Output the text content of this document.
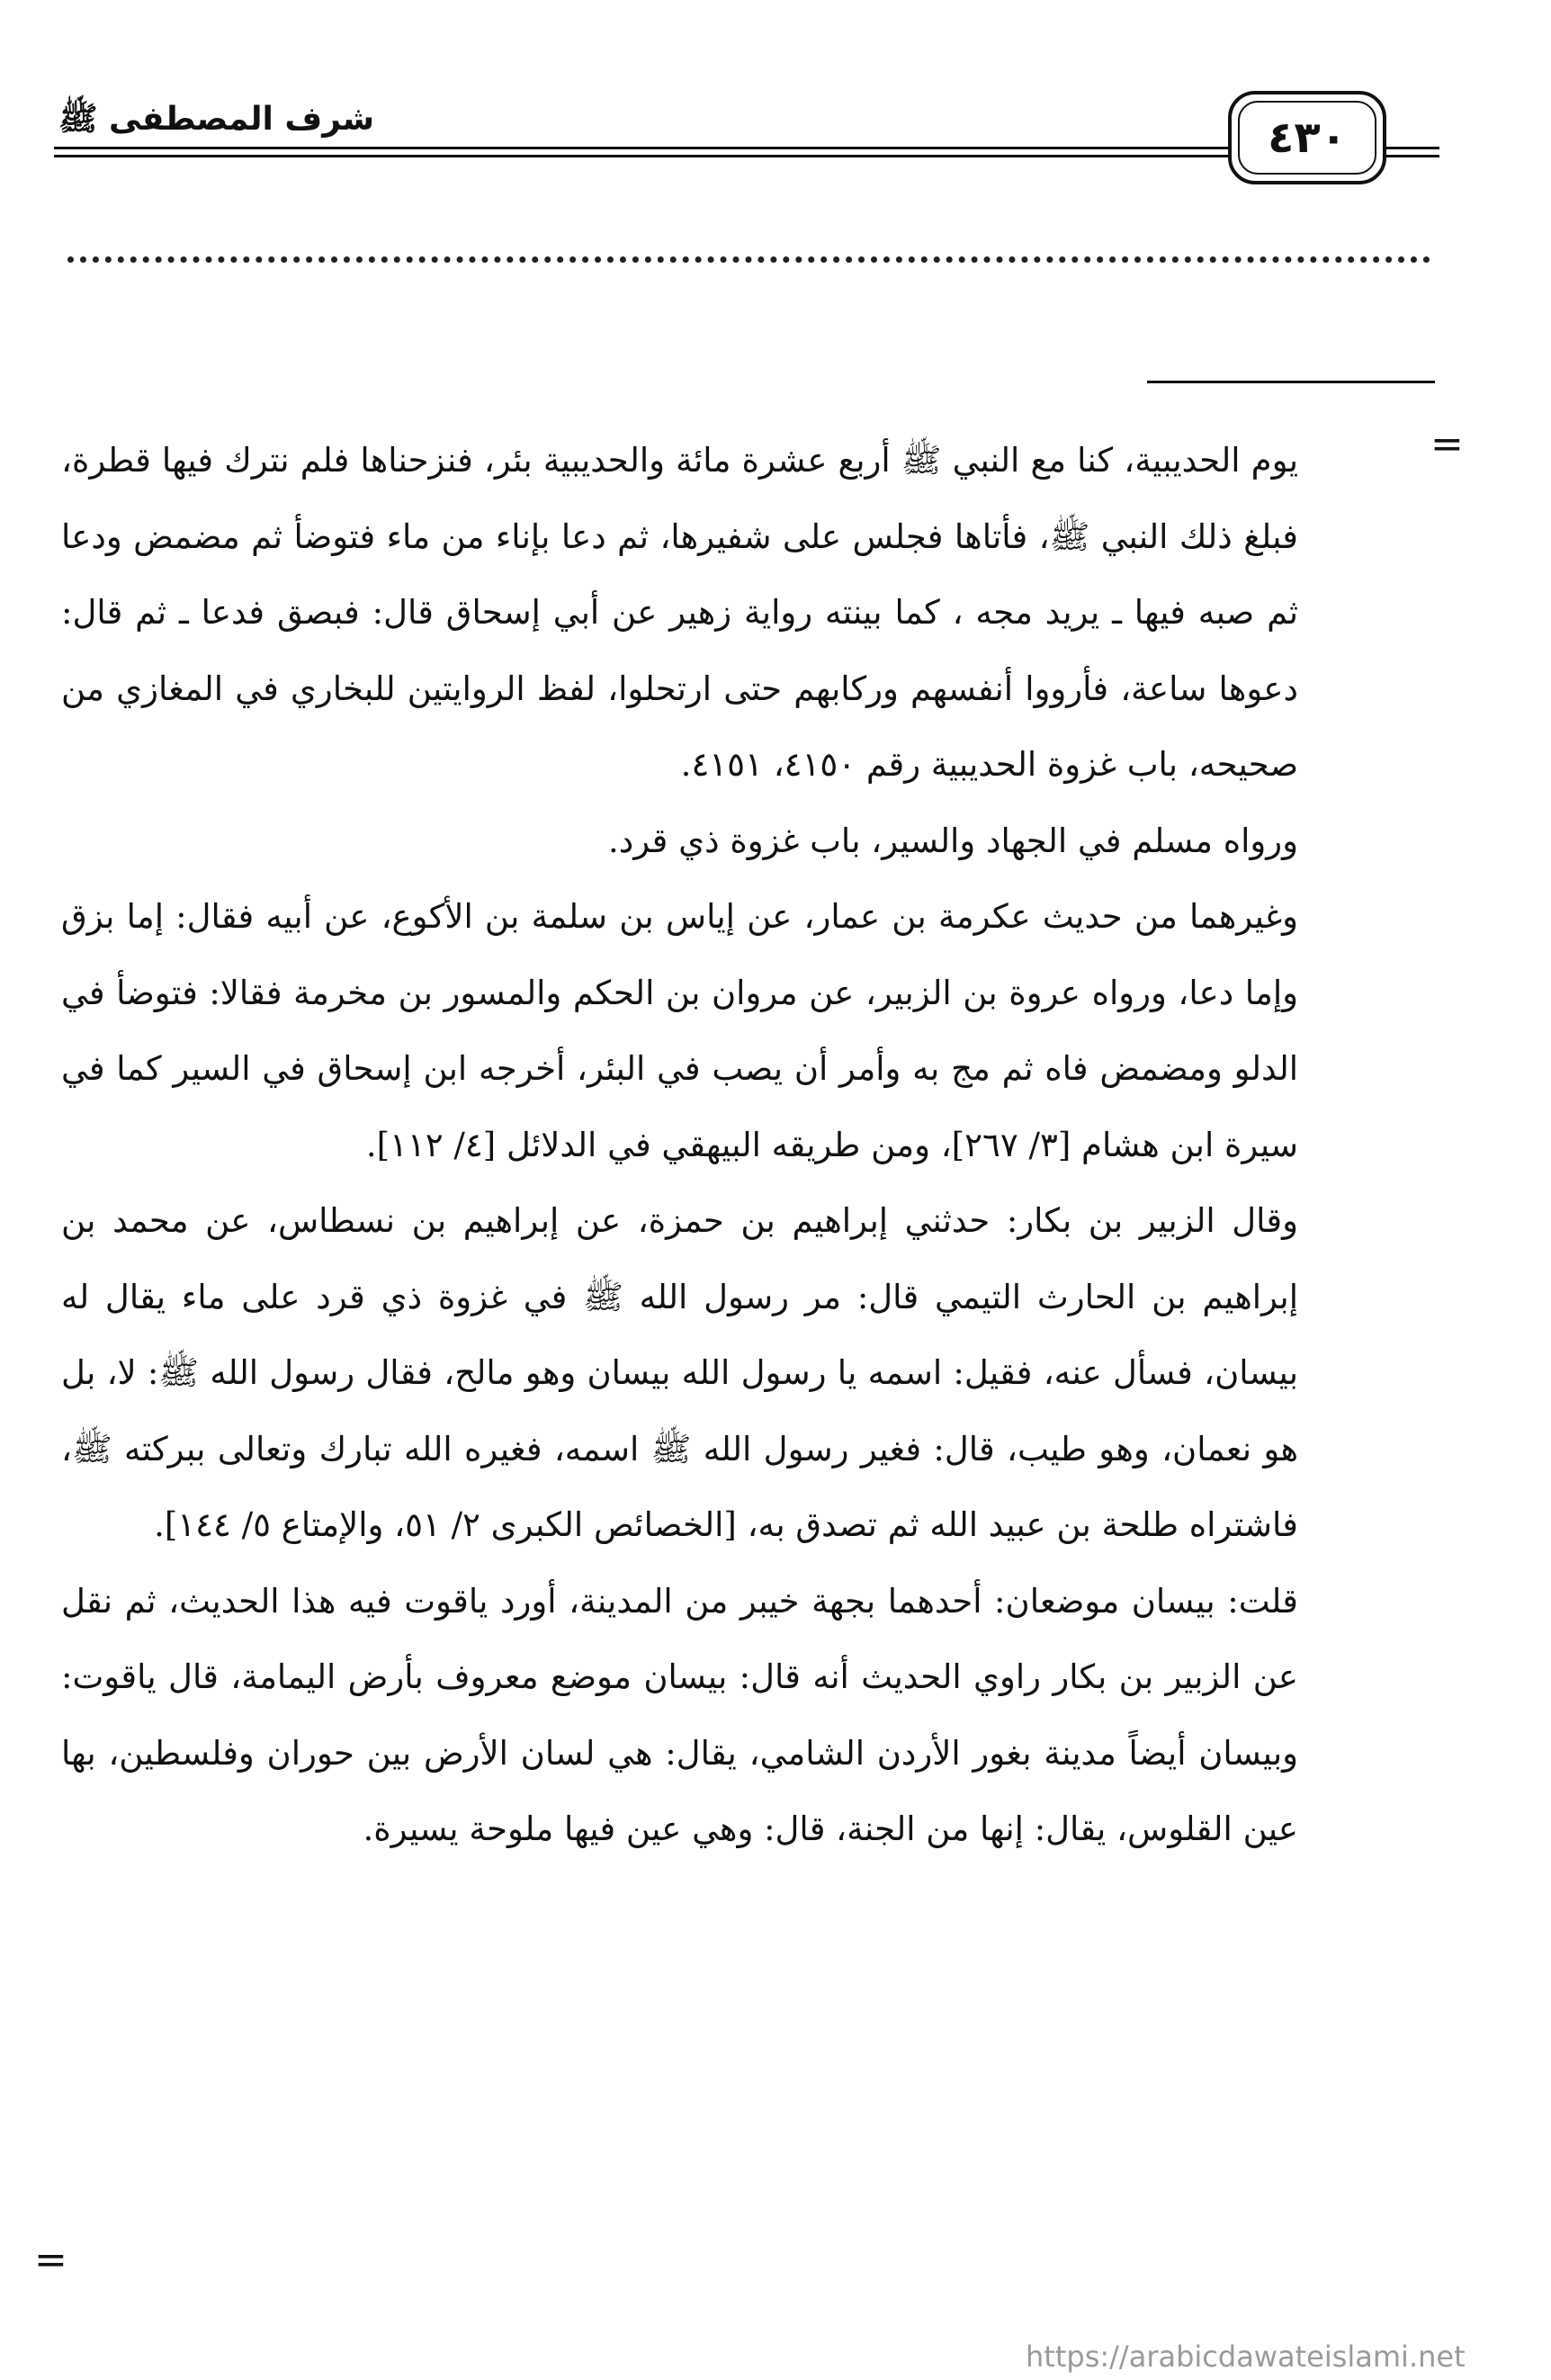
شرف المصطفى ﷺ	٤٣٠
=

يوم الحديبية، كنا مع النبي ﷺ أربع عشرة مائة والحديبية بئر، فنزحناها فلم نترك فيها قطرة، فبلغ ذلك النبي ﷺ، فأتاها فجلس على شفيرها، ثم دعا بإناء من ماء فتوضأ ثم مضمض ودعا ثم صبه فيها ـ يريد مجه ، كما بينته رواية زهير عن أبي إسحاق قال: فبصق فدعا ـ ثم قال: دعوها ساعة، فأرووا أنفسهم وركابهم حتى ارتحلوا، لفظ الروايتين للبخاري في المغازي من صحيحه، باب غزوة الحديبية رقم ٤١٥٠، ٤١٥١.

ورواه مسلم في الجهاد والسير، باب غزوة ذي قرد.

وغيرهما من حديث عكرمة بن عمار، عن إياس بن سلمة بن الأكوع، عن أبيه فقال: إما بزق وإما دعا، ورواه عروة بن الزبير، عن مروان بن الحكم والمسور بن مخرمة فقالا: فتوضأ في الدلو ومضمض فاه ثم مج به وأمر أن يصب في البئر، أخرجه ابن إسحاق في السير كما في سيرة ابن هشام [٣/ ٢٦٧]، ومن طريقه البيهقي في الدلائل [٤/ ١١٢].

وقال الزبير بن بكار: حدثني إبراهيم بن حمزة، عن إبراهيم بن نسطاس، عن محمد بن إبراهيم بن الحارث التيمي قال: مر رسول الله ﷺ في غزوة ذي قرد على ماء يقال له بيسان، فسأل عنه، فقيل: اسمه يا رسول الله بيسان وهو مالح، فقال رسول الله ﷺ: لا، بل هو نعمان، وهو طيب، قال: فغير رسول الله ﷺ اسمه، فغيره الله تبارك وتعالى ببركته ﷺ، فاشتراه طلحة بن عبيد الله ثم تصدق به، [الخصائص الكبرى ٢/ ٥١، والإمتاع ٥/ ١٤٤].

قلت: بيسان موضعان: أحدهما بجهة خيبر من المدينة، أورد ياقوت فيه هذا الحديث، ثم نقل عن الزبير بن بكار راوي الحديث أنه قال: بيسان موضع معروف بأرض اليمامة، قال ياقوت: وبيسان أيضاً مدينة بغور الأردن الشامي، يقال: هي لسان الأرض بين حوران وفلسطين، بها عين القلوس، يقال: إنها من الجنة، قال: وهي عين فيها ملوحة يسيرة.

=
https://arabicdawateislami.net
